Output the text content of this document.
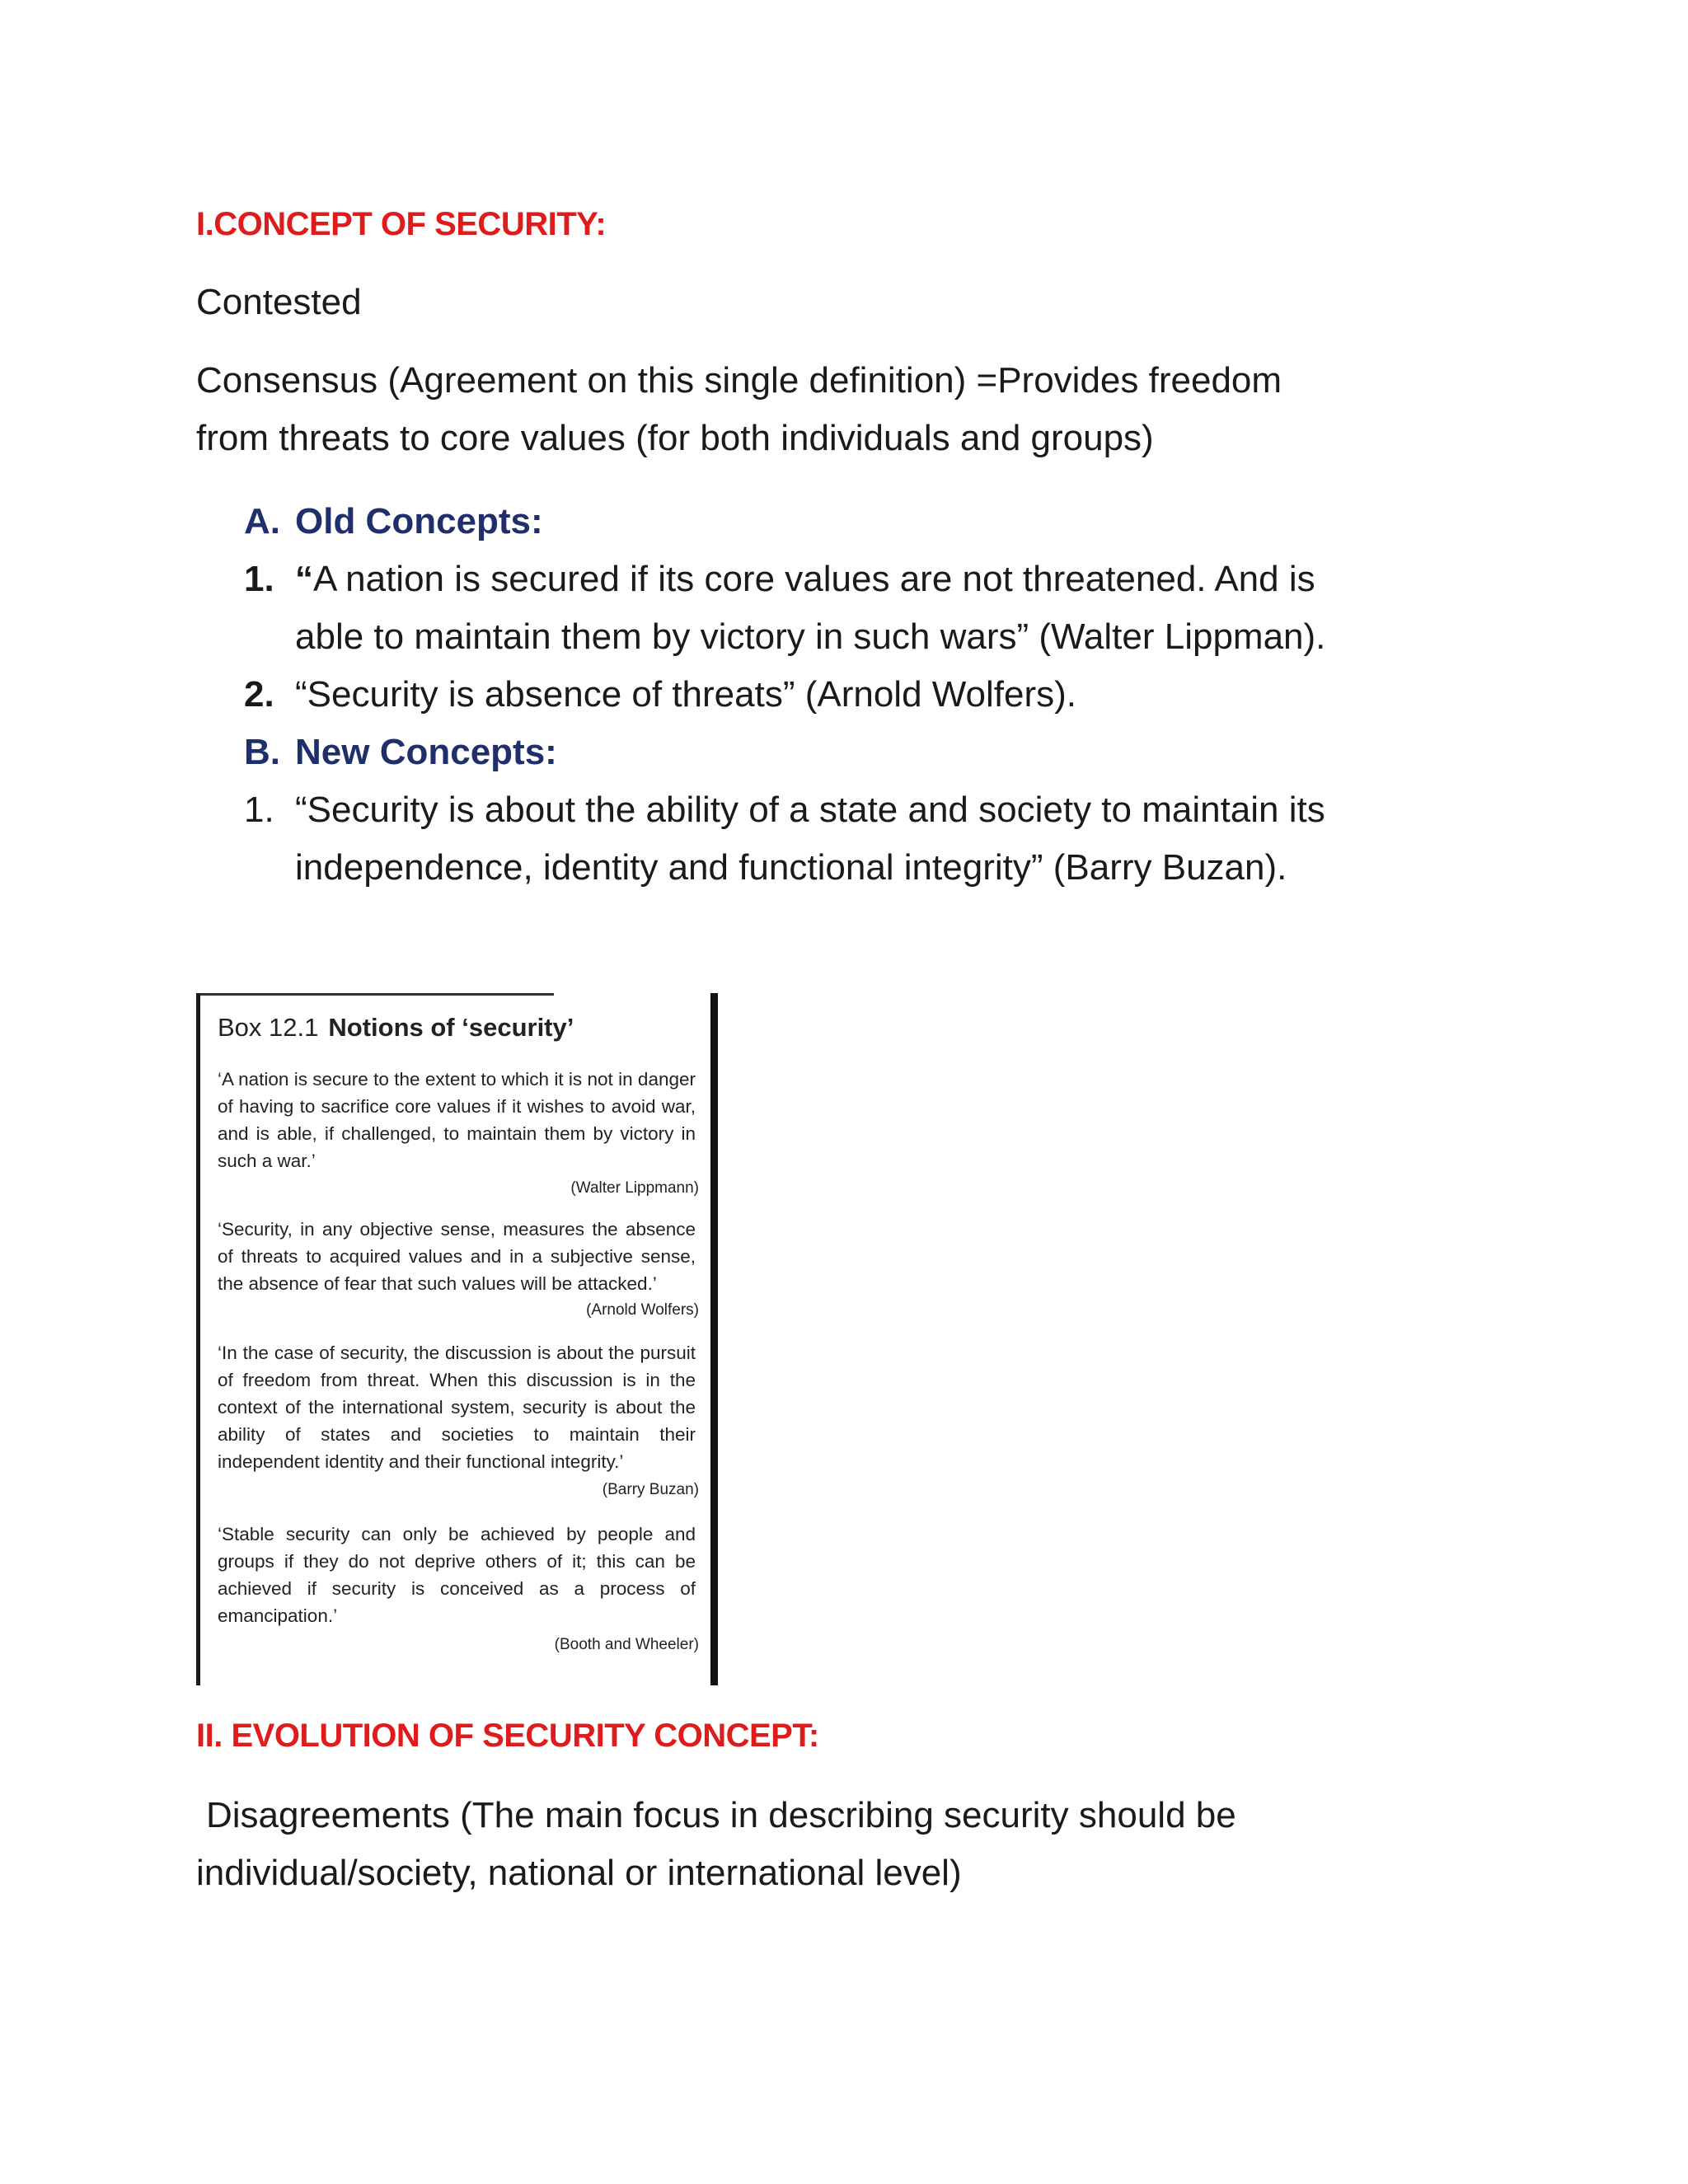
I.CONCEPT OF SECURITY:
Contested
Consensus (Agreement on this single definition) =Provides freedom
from threats to core values (for both individuals and groups)
A. Old Concepts:
1. “A nation is secured if its core values are not threatened. And is
able to maintain them by victory in such wars” (Walter Lippman).
2. “Security is absence of threats” (Arnold Wolfers).
B. New Concepts:
1. “Security is about the ability of a state and society to maintain its
independence, identity and functional integrity” (Barry Buzan).
Box 12.1 Notions of ‘security’
‘A nation is secure to the extent to which it is not in danger of having to sacrifice core values if it wishes to avoid war, and is able, if challenged, to maintain them by victory in such a war.’
(Walter Lippmann)
‘Security, in any objective sense, measures the absence of threats to acquired values and in a subjective sense, the absence of fear that such values will be attacked.’
(Arnold Wolfers)
‘In the case of security, the discussion is about the pursuit of freedom from threat. When this discussion is in the context of the international system, security is about the ability of states and societies to maintain their independent identity and their functional integrity.’
(Barry Buzan)
‘Stable security can only be achieved by people and groups if they do not deprive others of it; this can be achieved if security is conceived as a process of emancipation.’
(Booth and Wheeler)
II. EVOLUTION OF SECURITY CONCEPT:
Disagreements (The main focus in describing security should be
individual/society, national or international level)
